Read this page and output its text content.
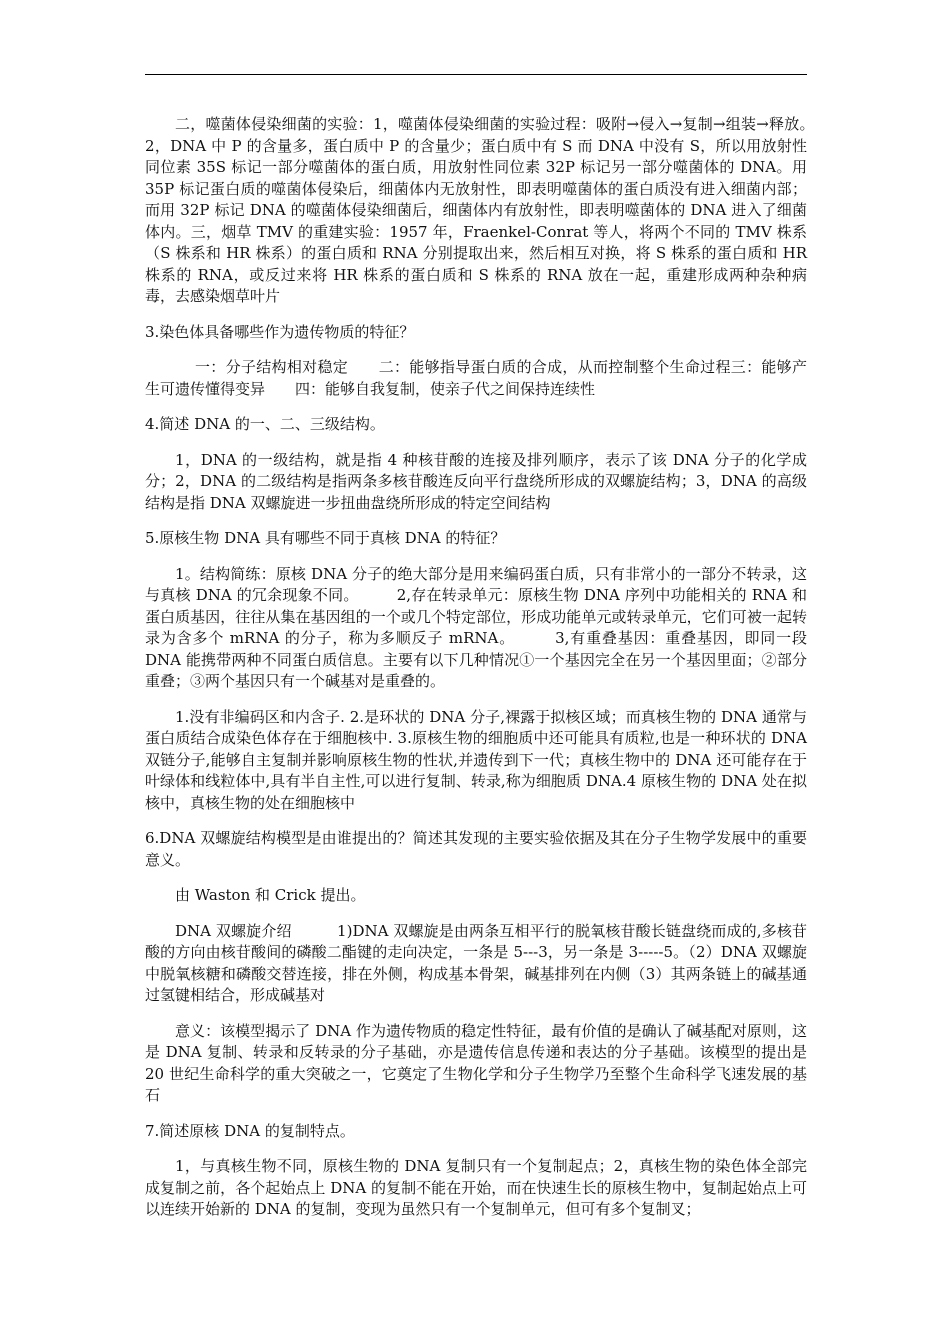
二，噬菌体侵染细菌的实验：1，噬菌体侵染细菌的实验过程：吸附→侵入→复制→组装→释放。　2，DNA 中 P 的含量多，蛋白质中 P 的含量少；蛋白质中有 S 而 DNA 中没有 S，所以用放射性同位素 35S 标记一部分噬菌体的蛋白质，用放射性同位素 32P 标记另一部分噬菌体的 DNA。用 35P 标记蛋白质的噬菌体侵染后，细菌体内无放射性，即表明噬菌体的蛋白质没有进入细菌内部；而用 32P 标记 DNA 的噬菌体侵染细菌后，细菌体内有放射性，即表明噬菌体的 DNA 进入了细菌体内。三，烟草 TMV 的重建实验：1957 年，Fraenkel-Conrat 等人，将两个不同的 TMV 株系（S 株系和 HR 株系）的蛋白质和 RNA 分别提取出来，然后相互对换，将 S 株系的蛋白质和 HR 株系的 RNA，或反过来将 HR 株系的蛋白质和 S 株系的 RNA 放在一起，重建形成两种杂种病毒，去感染烟草叶片

3.染色体具备哪些作为遗传物质的特征？

一：分子结构相对稳定　　二：能够指导蛋白质的合成，从而控制整个生命过程三：能够产生可遗传懂得变异　　四：能够自我复制，使亲子代之间保持连续性

4.简述 DNA 的一、二、三级结构。

1，DNA 的一级结构，就是指 4 种核苷酸的连接及排列顺序，表示了该 DNA 分子的化学成分；2，DNA 的二级结构是指两条多核苷酸连反向平行盘绕所形成的双螺旋结构；3，DNA 的高级结构是指 DNA 双螺旋进一步扭曲盘绕所形成的特定空间结构

5.原核生物 DNA 具有哪些不同于真核 DNA 的特征？

1。结构简练：原核 DNA 分子的绝大部分是用来编码蛋白质，只有非常小的一部分不转录，这与真核 DNA 的冗余现象不同。　　　2,存在转录单元：原核生物 DNA 序列中功能相关的 RNA 和蛋白质基因，往往从集在基因组的一个或几个特定部位，形成功能单元或转录单元，它们可被一起转录为含多个 mRNA 的分子，称为多顺反子 mRNA。　　　3,有重叠基因：重叠基因，即同一段 DNA 能携带两种不同蛋白质信息。主要有以下几种情况①一个基因完全在另一个基因里面；②部分重叠；③两个基因只有一个碱基对是重叠的。

1.没有非编码区和内含子. 2.是环状的 DNA 分子,裸露于拟核区域；而真核生物的 DNA 通常与蛋白质结合成染色体存在于细胞核中. 3.原核生物的细胞质中还可能具有质粒,也是一种环状的 DNA 双链分子,能够自主复制并影响原核生物的性状,并遗传到下一代；真核生物中的 DNA 还可能存在于叶绿体和线粒体中,具有半自主性,可以进行复制、转录,称为细胞质 DNA.4 原核生物的 DNA 处在拟核中，真核生物的处在细胞核中

6.DNA 双螺旋结构模型是由谁提出的？简述其发现的主要实验依据及其在分子生物学发展中的重要意义。

由 Waston 和 Crick 提出。

DNA 双螺旋介绍　　　1)DNA 双螺旋是由两条互相平行的脱氧核苷酸长链盘绕而成的,多核苷酸的方向由核苷酸间的磷酸二酯键的走向决定，一条是 5---3，另一条是 3-----5。（2）DNA 双螺旋中脱氧核糖和磷酸交替连接，排在外侧，构成基本骨架，碱基排列在内侧（3）其两条链上的碱基通过氢键相结合，形成碱基对

意义：该模型揭示了 DNA 作为遗传物质的稳定性特征，最有价值的是确认了碱基配对原则，这是 DNA 复制、转录和反转录的分子基础，亦是遗传信息传递和表达的分子基础。该模型的提出是 20 世纪生命科学的重大突破之一，它奠定了生物化学和分子生物学乃至整个生命科学飞速发展的基石

7.简述原核 DNA 的复制特点。

1，与真核生物不同，原核生物的 DNA 复制只有一个复制起点；2，真核生物的染色体全部完成复制之前，各个起始点上 DNA 的复制不能在开始，而在快速生长的原核生物中，复制起始点上可以连续开始新的 DNA 的复制，变现为虽然只有一个复制单元，但可有多个复制叉；
